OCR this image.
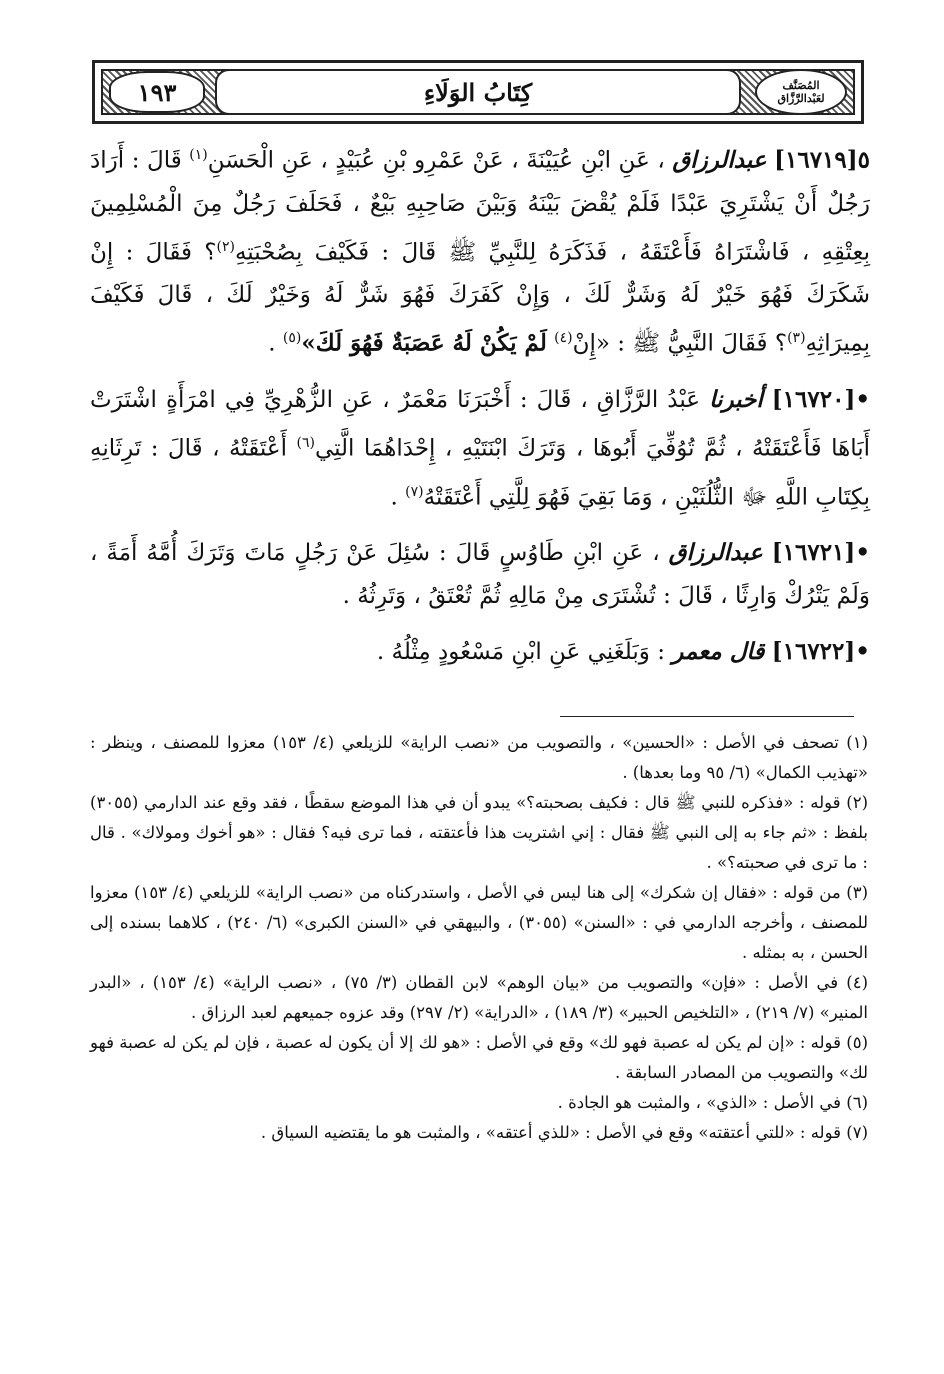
المُصَنَّف
لعَبْدالرَّزَّاق
كِتَابُ الوَلَاءِ
١٩٣

٥[١٦٧١٩] عبدالرزاق ، عَنِ ابْنِ عُيَيْنَةَ ، عَنْ عَمْرِو بْنِ عُبَيْدٍ ، عَنِ الْحَسَنِ$^{(١)}$ قَالَ : أَرَادَ رَجُلٌ أَنْ يَشْتَرِيَ عَبْدًا فَلَمْ يُقْضَ بَيْنَهُ وَبَيْنَ صَاحِبِهِ بَيْعٌ ، فَحَلَفَ رَجُلٌ مِنَ الْمُسْلِمِينَ بِعِتْقِهِ ، فَاشْتَرَاهُ فَأَعْتَقَهُ ، فَذَكَرَهُ لِلنَّبِيِّ ﷺ قَالَ : فَكَيْفَ بِصُحْبَتِهِ$^{(٢)}$؟ فَقَالَ : إِنْ شَكَرَكَ فَهُوَ خَيْرٌ لَهُ وَشَرٌّ لَكَ ، وَإِنْ كَفَرَكَ فَهُوَ شَرٌّ لَهُ وَخَيْرٌ لَكَ ، قَالَ فَكَيْفَ بِمِيرَاثِهِ$^{(٣)}$؟ فَقَالَ النَّبِيُّ ﷺ : «إِنْ$^{(٤)}$ لَمْ يَكُنْ لَهُ عَصَبَةٌ فَهُوَ لَكَ»$^{(٥)}$ .

•[١٦٧٢٠] أخبرنا عَبْدُ الرَّزَّاقِ ، قَالَ : أَخْبَرَنَا مَعْمَرٌ ، عَنِ الزُّهْرِيِّ فِي امْرَأَةٍ اشْتَرَتْ أَبَاهَا فَأَعْتَقَتْهُ ، ثُمَّ تُوُفِّيَ أَبُوهَا ، وَتَرَكَ ابْنَتَيْهِ ، إِحْدَاهُمَا الَّتِي$^{(٦)}$ أَعْتَقَتْهُ ، قَالَ : تَرِثَانِهِ بِكِتَابِ اللَّهِ ﷻ الثُّلُثَيْنِ ، وَمَا بَقِيَ فَهُوَ لِلَّتِي أَعْتَقَتْهُ$^{(٧)}$ .

•[١٦٧٢١] عبدالرزاق ، عَنِ ابْنِ طَاوُسٍ قَالَ : سُئِلَ عَنْ رَجُلٍ مَاتَ وَتَرَكَ أُمَّهُ أَمَةً ، وَلَمْ يَتْرُكْ وَارِثًا ، قَالَ : تُشْتَرَى مِنْ مَالِهِ ثُمَّ تُعْتَقُ ، وَتَرِثُهُ .

•[١٦٧٢٢] قال معمر : وَبَلَغَنِي عَنِ ابْنِ مَسْعُودٍ مِثْلُهُ .

(١) تصحف في الأصل : «الحسين» ، والتصويب من «نصب الراية» للزيلعي (٤/ ١٥٣) معزوا للمصنف ، وينظر : «تهذيب الكمال» (٦/ ٩٥ وما بعدها) .

(٢) قوله : «فذكره للنبي ﷺ قال : فكيف بصحبته؟» يبدو أن في هذا الموضع سقطًا ، فقد وقع عند الدارمي (٣٠٥٥) بلفظ : «ثم جاء به إلى النبي ﷺ فقال : إني اشتريت هذا فأعتقته ، فما ترى فيه؟ فقال : «هو أخوك ومولاك» . قال : ما ترى في صحبته؟» .

(٣) من قوله : «فقال إن شكرك» إلى هنا ليس في الأصل ، واستدركناه من «نصب الراية» للزيلعي (٤/ ١٥٣) معزوا للمصنف ، وأخرجه الدارمي في : «السنن» (٣٠٥٥) ، والبيهقي في «السنن الكبرى» (٦/ ٢٤٠) ، كلاهما بسنده إلى الحسن ، به بمثله .

(٤) في الأصل : «فإن» والتصويب من «بيان الوهم» لابن القطان (٣/ ٧٥) ، «نصب الراية» (٤/ ١٥٣) ، «البدر المنير» (٧/ ٢١٩) ، «التلخيص الحبير» (٣/ ١٨٩) ، «الدراية» (٢/ ٢٩٧) وقد عزوه جميعهم لعبد الرزاق .

(٥) قوله : «إن لم يكن له عصبة فهو لك» وقع في الأصل : «هو لك إلا أن يكون له عصبة ، فإن لم يكن له عصبة فهو لك» والتصويب من المصادر السابقة .

(٦) في الأصل : «الذي» ، والمثبت هو الجادة .

(٧) قوله : «للتي أعتقته» وقع في الأصل : «للذي أعتقه» ، والمثبت هو ما يقتضيه السياق .
